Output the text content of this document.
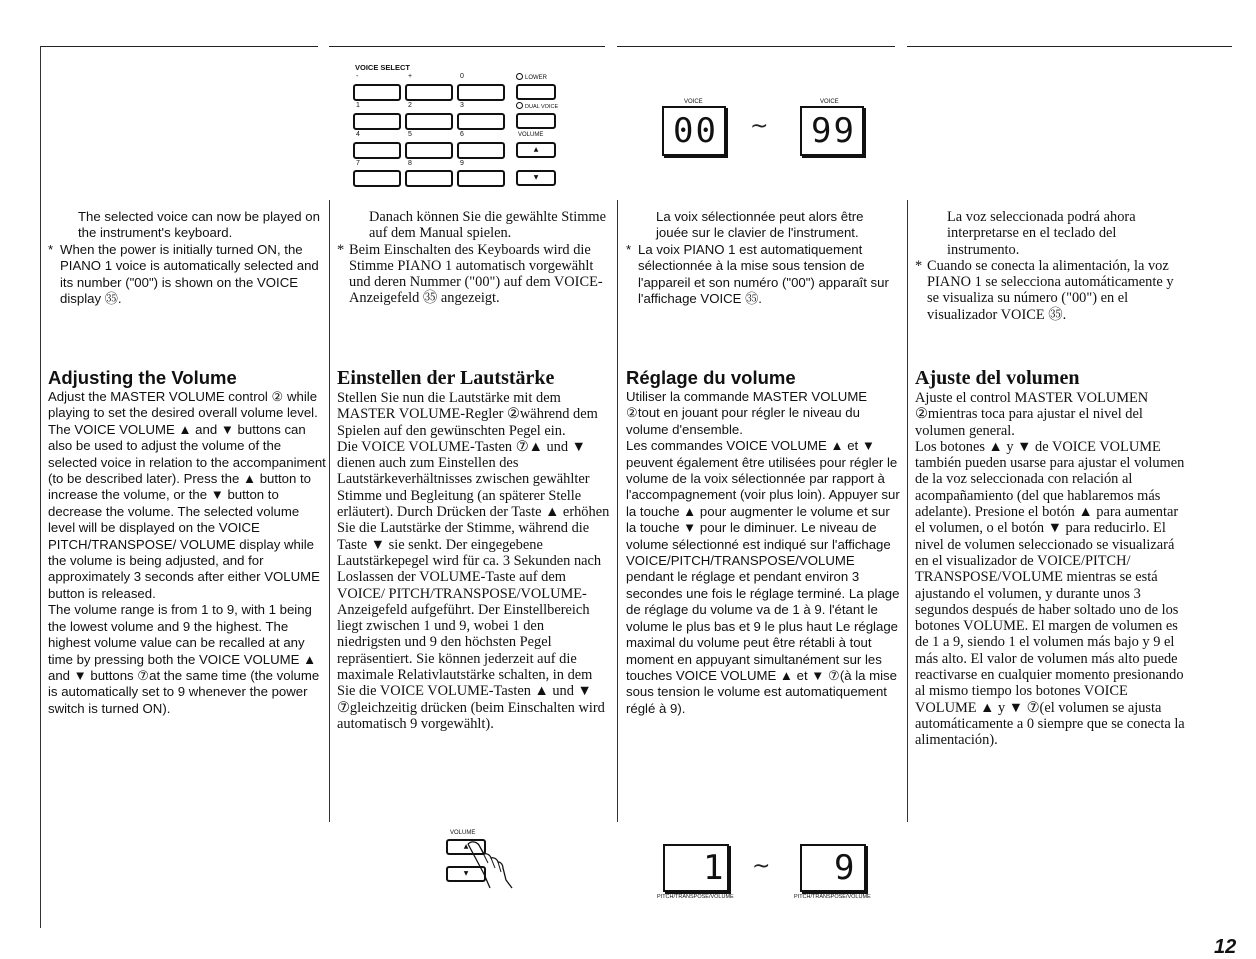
VOICE SELECT
-	+	0	LOWER
1	2	3	DUAL VOICE
4	5	6	VOLUME
▲
7	8	9
▼
VOICE
00 ~
VOICE
99

The selected voice can now be played on the instrument's keyboard.

* When the power is initially turned ON, the PIANO 1 voice is automatically selected and its number ("00") is shown on the VOICE display ㉟.

Adjusting the Volume

Adjust the MASTER VOLUME control ② while playing to set the desired overall volume level.

The VOICE VOLUME ▲ and ▼ buttons can also be used to adjust the volume of the selected voice in relation to the accompaniment (to be described later). Press the ▲ button to increase the volume, or the ▼ button to decrease the volume. The selected volume level will be displayed on the VOICE PITCH/TRANSPOSE/ VOLUME display while the volume is being adjusted, and for approximately 3 seconds after either VOLUME button is released.

The volume range is from 1 to 9, with 1 being the lowest volume and 9 the highest. The highest volume value can be recalled at any time by pressing both the VOICE VOLUME ▲ and ▼ buttons ⑦at the same time (the volume is automatically set to 9 whenever the power switch is turned ON).

Danach können Sie die gewählte Stimme auf dem Manual spielen.

* Beim Einschalten des Keyboards wird die Stimme PIANO 1 automatisch vorgewählt und deren Nummer ("00") auf dem VOICE-Anzeigefeld ㉟ angezeigt.

Einstellen der Lautstärke

Stellen Sie nun die Lautstärke mit dem MASTER VOLUME-Regler ②während dem Spielen auf den gewünschten Pegel ein.

Die VOICE VOLUME-Tasten ⑦▲ und ▼ dienen auch zum Einstellen des Lautstärkeverhältnisses zwischen gewählter Stimme und Begleitung (an späterer Stelle erläutert). Durch Drücken der Taste ▲ erhöhen Sie die Lautstärke der Stimme, während die Taste ▼ sie senkt. Der eingegebene Lautstärkepegel wird für ca. 3 Sekunden nach Loslassen der VOLUME-Taste auf dem VOICE/ PITCH/TRANSPOSE/VOLUME-Anzeigefeld aufgeführt. Der Einstellbereich liegt zwischen 1 und 9, wobei 1 den niedrigsten und 9 den höchsten Pegel repräsentiert. Sie können jederzeit auf die maximale Relativlautstärke schalten, in dem Sie die VOICE VOLUME-Tasten ▲ und ▼ ⑦gleichzeitig drücken (beim Einschalten wird automatisch 9 vorgewählt).

La voix sélectionnée peut alors être jouée sur le clavier de l'instrument.

* La voix PIANO 1 est automatiquement sélectionnée à la mise sous tension de l'appareil et son numéro ("00") apparaît sur l'affichage VOICE ㉟.

Réglage du volume

Utiliser la commande MASTER VOLUME ②tout en jouant pour régler le niveau du volume d'ensemble.

Les commandes VOICE VOLUME ▲ et ▼ peuvent également être utilisées pour régler le volume de la voix sélectionnée par rapport à l'accompagnement (voir plus loin). Appuyer sur la touche ▲ pour augmenter le volume et sur la touche ▼ pour le diminuer. Le niveau de volume sélectionné est indiqué sur l'affichage VOICE/PITCH/TRANSPOSE/VOLUME pendant le réglage et pendant environ 3 secondes une fois le réglage terminé. La plage de réglage du volume va de 1 à 9. l'étant le volume le plus bas et 9 le plus haut Le réglage maximal du volume peut être rétabli à tout moment en appuyant simultanément sur les touches VOICE VOLUME ▲ et ▼ ⑦(à la mise sous tension le volume est automatiquement réglé à 9).

La voz seleccionada podrá ahora interpretarse en el teclado del instrumento.

* Cuando se conecta la alimentación, la voz PIANO 1 se selecciona automáticamente y se visualiza su número ("00") en el visualizador VOICE ㉟.

Ajuste del volumen

Ajuste el control MASTER VOLUMEN ②mientras toca para ajustar el nivel del volumen general.

Los botones ▲ y ▼ de VOICE VOLUME también pueden usarse para ajustar el volumen de la voz seleccionada con relación al acompañamiento (del que hablaremos más adelante). Presione el botón ▲ para aumentar el volumen, o el botón ▼ para reducirlo. El nivel de volumen seleccionado se visualizará en el visualizador de VOICE/PITCH/ TRANSPOSE/VOLUME mientras se está ajustando el volumen, y durante unos 3 segundos después de haber soltado uno de los botones VOLUME. El margen de volumen es de 1 a 9, siendo 1 el volumen más bajo y 9 el más alto. El valor de volumen más alto puede reactivarse en cualquier momento presionando al mismo tiempo los botones VOICE VOLUME ▲ y ▼ ⑦(el volumen se ajusta automáticamente a 0 siempre que se conecta la alimentación).

VOLUME
▲
▼	1
PITCH/TRANSPOSE/VOLUME
~ 9
PITCH/TRANSPOSE/VOLUME
12
